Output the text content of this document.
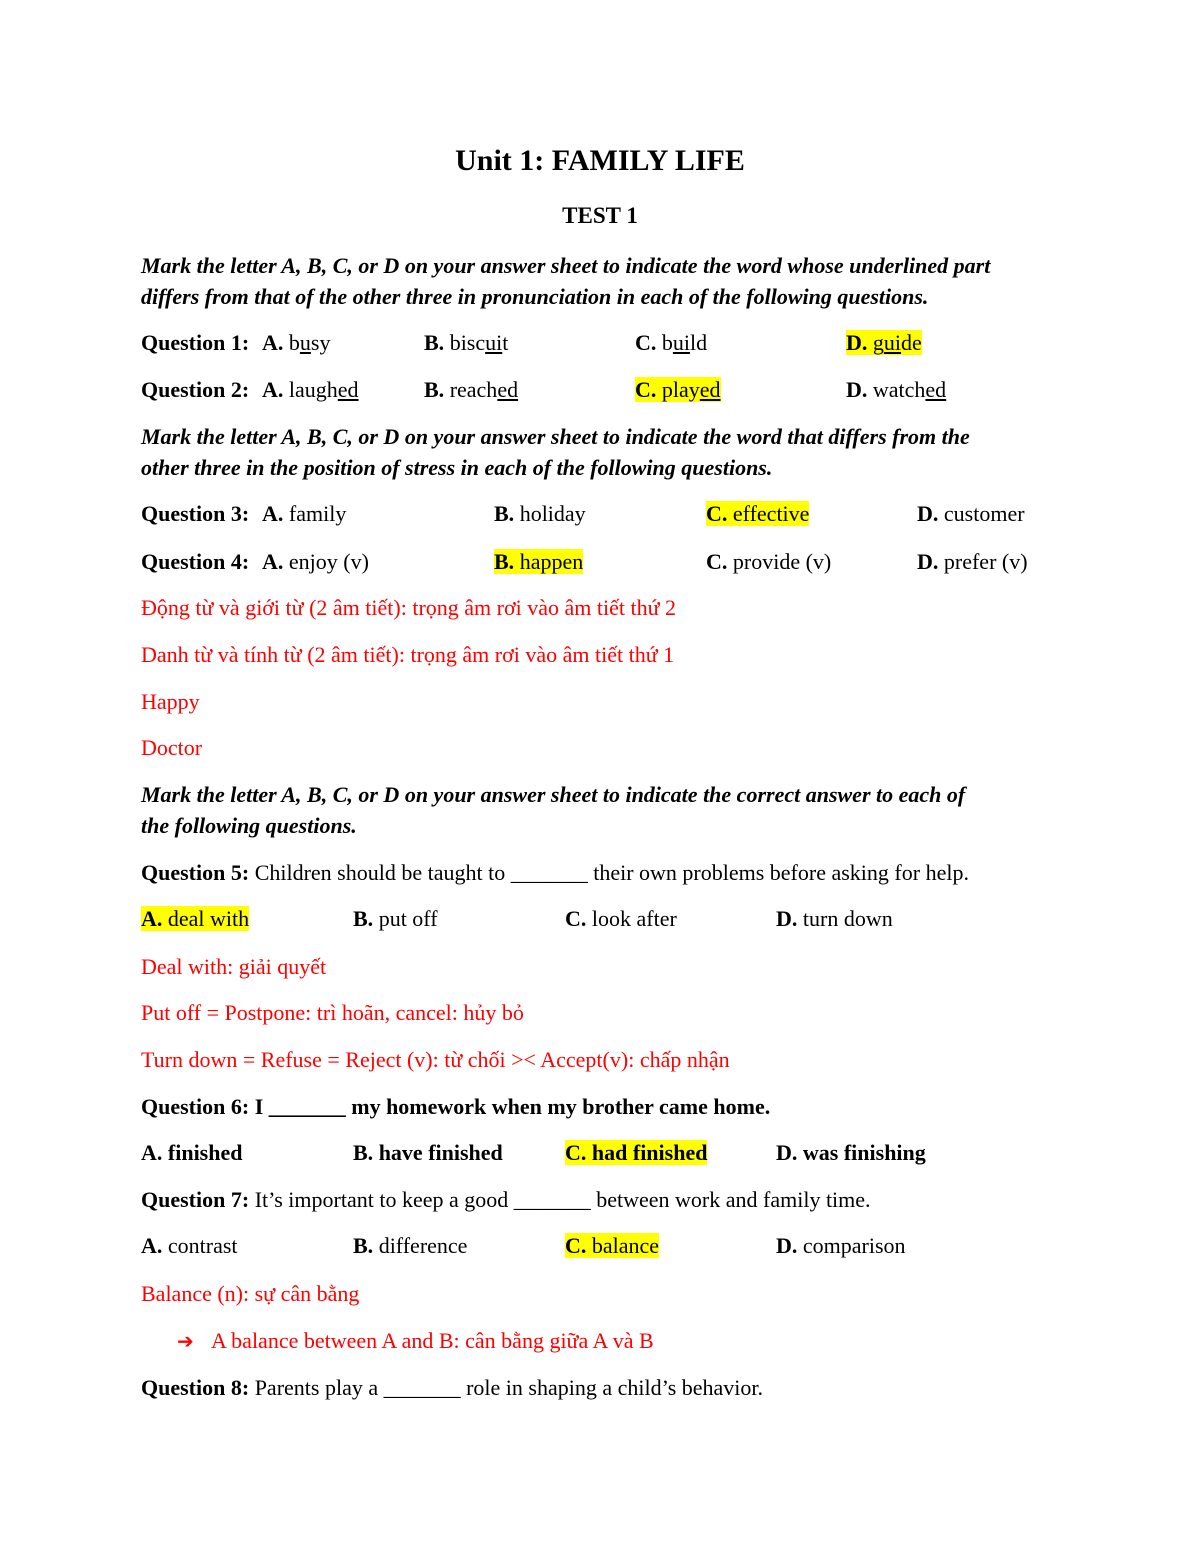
Unit 1: FAMILY LIFE
TEST 1
Mark the letter A, B, C, or D on your answer sheet to indicate the word whose underlined part
differs from that of the other three in pronunciation in each of the following questions.
Question 1: A. busy	B. biscuit	C. build	D. guide
Question 2: A. laughed	B. reached	C. played	D. watched
Mark the letter A, B, C, or D on your answer sheet to indicate the word that differs from the
other three in the position of stress in each of the following questions.
Question 3: A. family	B. holiday	C. effective	D. customer
Question 4: A. enjoy (v)	B. happen	C. provide (v)	D. prefer (v)
Động từ và giới từ (2 âm tiết): trọng âm rơi vào âm tiết thứ 2
Danh từ và tính từ (2 âm tiết): trọng âm rơi vào âm tiết thứ 1
Happy
Doctor
Mark the letter A, B, C, or D on your answer sheet to indicate the correct answer to each of
the following questions.
Question 5: Children should be taught to _______ their own problems before asking for help.
A. deal with	B. put off	C. look after	D. turn down
Deal with: giải quyết
Put off = Postpone: trì hoãn, cancel: hủy bỏ
Turn down = Refuse = Reject (v): từ chối >< Accept(v): chấp nhận
Question 6: I _______ my homework when my brother came home.
A. finished	B. have finished	C. had finished	D. was finishing
Question 7: It’s important to keep a good _______ between work and family time.
A. contrast	B. difference	C. balance	D. comparison
Balance (n): sự cân bằng
➔ A balance between A and B: cân bằng giữa A và B
Question 8: Parents play a _______ role in shaping a child’s behavior.
